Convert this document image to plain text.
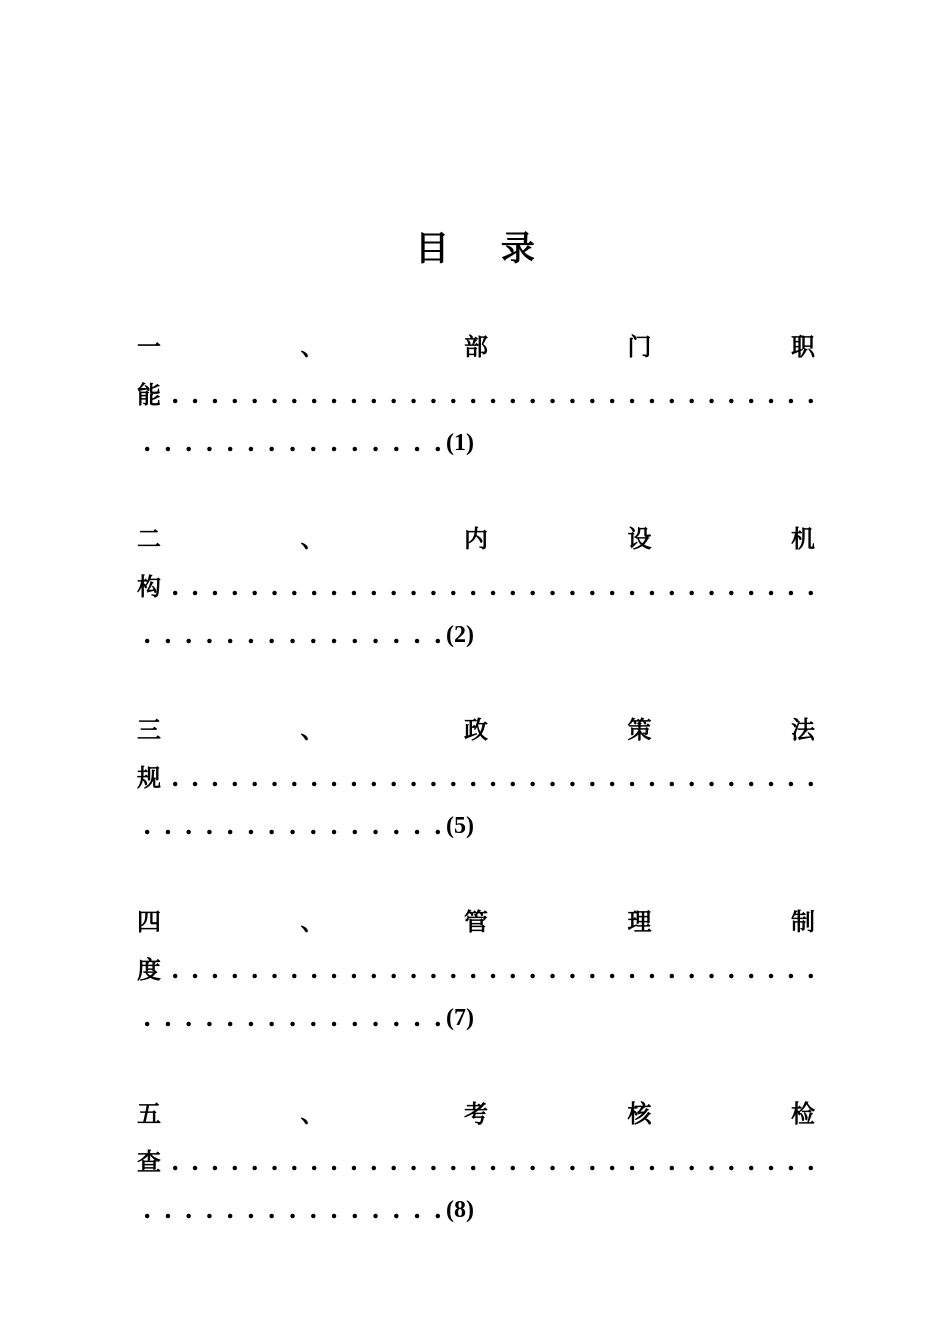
目 录
一	、	部	门	职
能 . . . . . . . . . . . . . . . . . . . . . . . . . . . . . . . . .
. . . . . . . . . . . . . . . (1)
二	、	内	设	机
构 . . . . . . . . . . . . . . . . . . . . . . . . . . . . . . . . .
. . . . . . . . . . . . . . . (2)
三	、	政	策	法
规 . . . . . . . . . . . . . . . . . . . . . . . . . . . . . . . . .
. . . . . . . . . . . . . . . (5)
四	、	管	理	制
度 . . . . . . . . . . . . . . . . . . . . . . . . . . . . . . . . .
. . . . . . . . . . . . . . . (7)
五	、	考	核	检
查 . . . . . . . . . . . . . . . . . . . . . . . . . . . . . . . . .
. . . . . . . . . . . . . . . (8)
